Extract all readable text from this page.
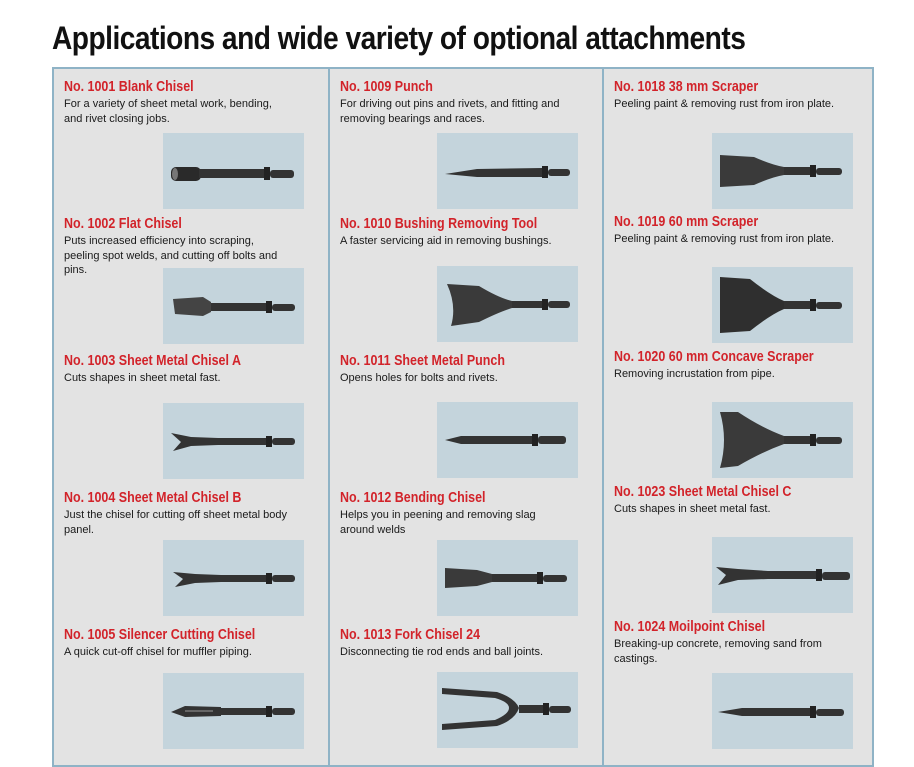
Applications and wide variety of optional attachments
No. 1001 Blank Chisel

For a variety of sheet metal work, bending, and rivet closing jobs.

No. 1002 Flat Chisel

Puts increased efficiency into scraping, peeling spot welds, and cutting off bolts and pins.

No. 1003 Sheet Metal Chisel A

Cuts shapes in sheet metal fast.

No. 1004 Sheet Metal Chisel B

Just the chisel for cutting off sheet metal body panel.

No. 1005 Silencer Cutting Chisel

A quick cut-off chisel for muffler piping.

No. 1009 Punch

For driving out pins and rivets, and fitting and removing bearings and races.

No. 1010 Bushing Removing Tool

A faster servicing aid in removing bushings.

No. 1011 Sheet Metal Punch

Opens holes for bolts and rivets.

No. 1012 Bending Chisel

Helps you in peening and removing slag around welds

No. 1013 Fork Chisel 24

Disconnecting tie rod ends and ball joints.

No. 1018 38 mm Scraper

Peeling paint & removing rust from iron plate.

No. 1019 60 mm Scraper

Peeling paint & removing rust from iron plate.

No. 1020 60 mm Concave Scraper

Removing incrustation from pipe.

No. 1023 Sheet Metal Chisel C

Cuts shapes in sheet metal fast.

No. 1024 Moilpoint Chisel

Breaking-up concrete, removing sand from castings.
